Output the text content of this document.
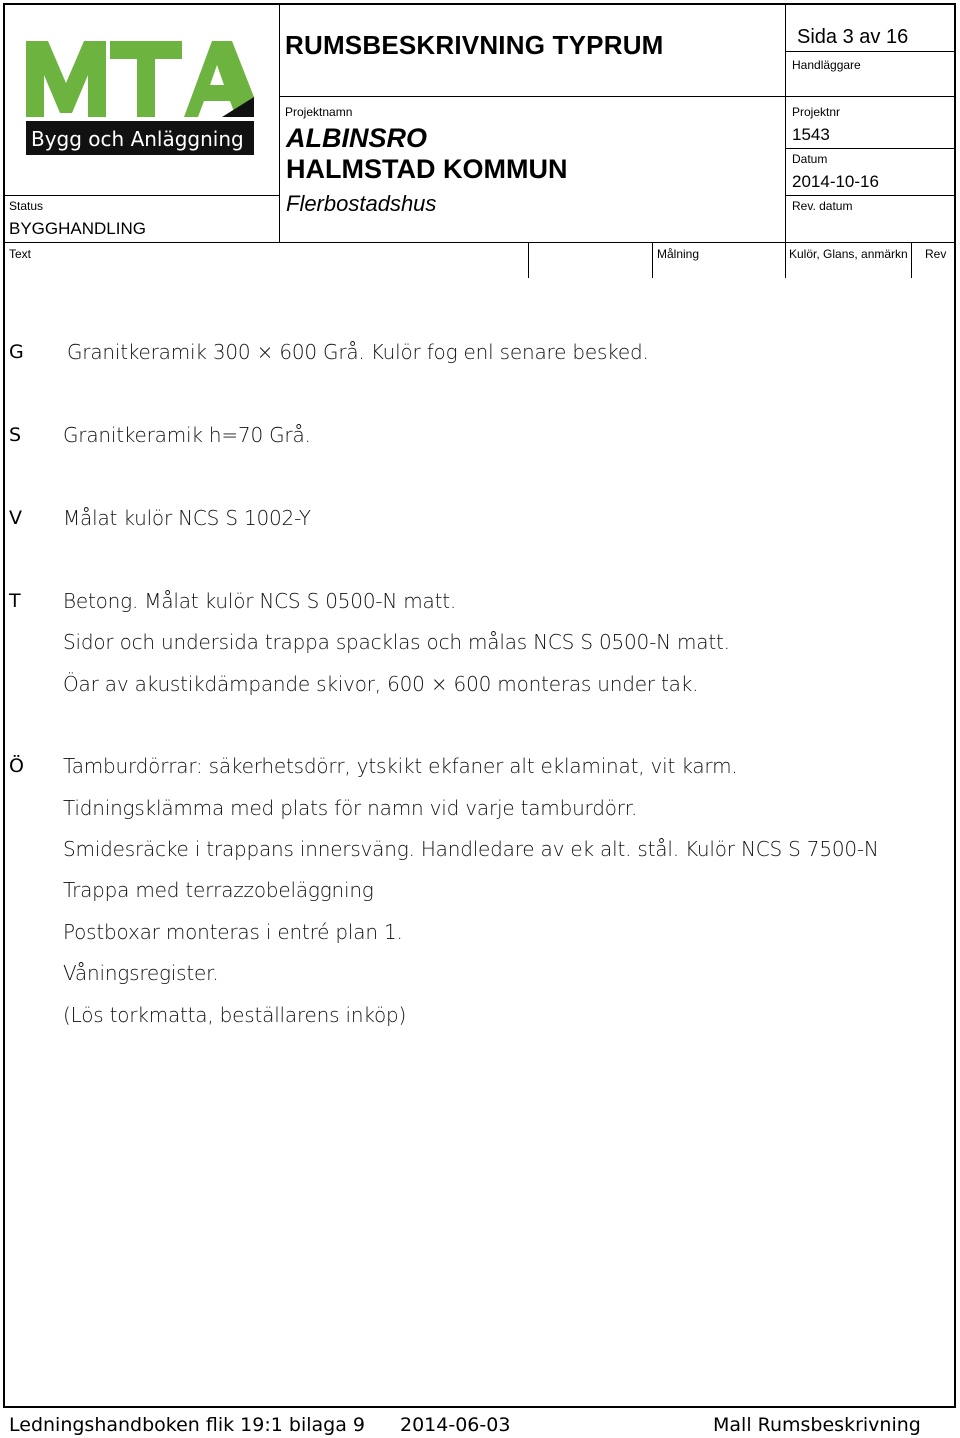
Bygg och Anläggning
RUMSBESKRIVNING TYPRUM	Sida 3 av 16
Handläggare
Projektnamn
ALBINSRO
HALMSTAD KOMMUN
Flerbostadshus
Projektnr
1543
Datum
2014-10-16
Rev. datum
Status
BYGGHANDLING
Text	Målning	Kulör, Glans, anmärkn Rev
G Granitkeramik 300 × 600 Grå. Kulör fog enl senare besked.
S Granitkeramik h=70 Grå.
V Målat kulör NCS S 1002-Y
T Betong. Målat kulör NCS S 0500-N matt.
Sidor och undersida trappa spacklas och målas NCS S 0500-N matt.
Öar av akustikdämpande skivor, 600 × 600 monteras under tak.
Ö Tamburdörrar: säkerhetsdörr, ytskikt ekfaner alt eklaminat, vit karm.
Tidningsklämma med plats för namn vid varje tamburdörr.
Smidesräcke i trappans innersväng. Handledare av ek alt. stål. Kulör NCS S 7500-N
Trappa med terrazzobeläggning
Postboxar monteras i entré plan 1.
Våningsregister.
(Lös torkmatta, beställarens inköp)
Ledningshandboken flik 19:1 bilaga 9 2014-06-03	Mall Rumsbeskrivning
